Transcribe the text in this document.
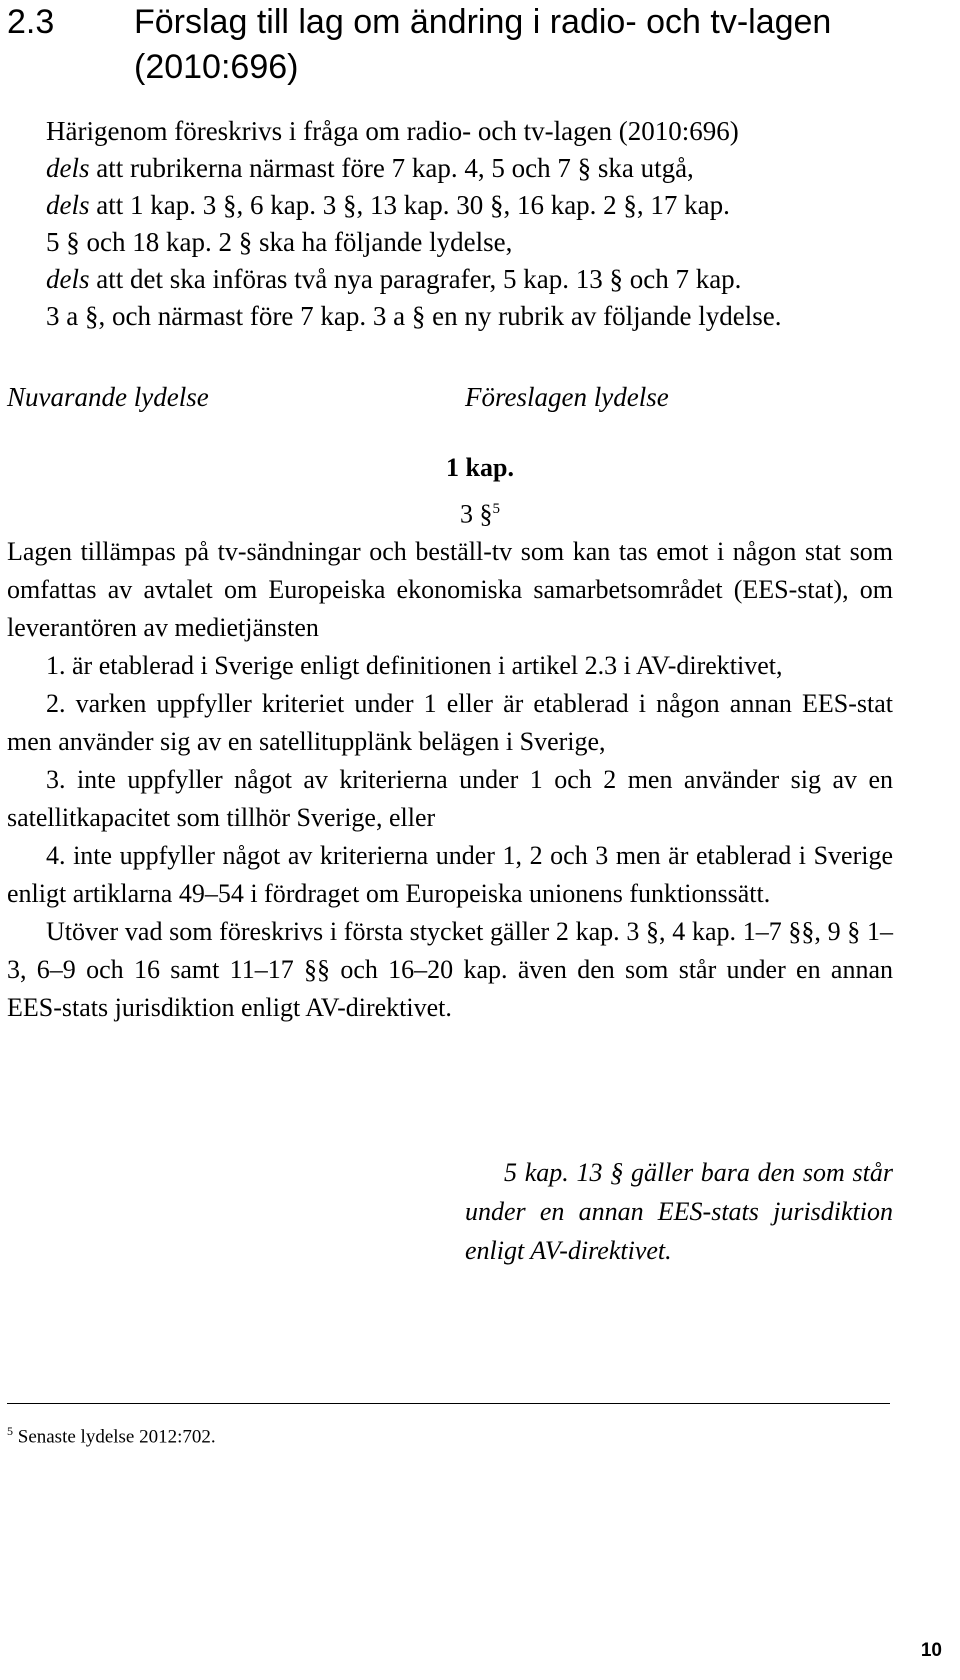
2.3 Förslag till lag om ändring i radio- och tv-lagen
(2010:696)

Härigenom föreskrivs i fråga om radio- och tv-lagen (2010:696)

dels att rubrikerna närmast före 7 kap. 4, 5 och 7 § ska utgå,

dels att 1 kap. 3 §, 6 kap. 3 §, 13 kap. 30 §, 16 kap. 2 §, 17 kap.

5 § och 18 kap. 2 § ska ha följande lydelse,

dels att det ska införas två nya paragrafer, 5 kap. 13 § och 7 kap.

3 a §, och närmast före 7 kap. 3 a § en ny rubrik av följande lydelse.

Nuvarande lydelse	Föreslagen lydelse
1 kap.
3 §$^5$

Lagen tillämpas på tv-sändningar och beställ-tv som kan tas emot i någon stat som omfattas av avtalet om Europeiska ekonomiska samarbetsområdet (EES-stat), om leverantören av medietjänsten

1. är etablerad i Sverige enligt definitionen i artikel 2.3 i AV-direktivet,

2. varken uppfyller kriteriet under 1 eller är etablerad i någon annan EES-stat men använder sig av en satellitupplänk belägen i Sverige,

3. inte uppfyller något av kriterierna under 1 och 2 men använder sig av en satellitkapacitet som tillhör Sverige, eller

4. inte uppfyller något av kriterierna under 1, 2 och 3 men är etablerad i Sverige enligt artiklarna 49–54 i fördraget om Europeiska unionens funktionssätt.

Utöver vad som föreskrivs i första stycket gäller 2 kap. 3 §, 4 kap. 1–7 §§, 9 § 1–3, 6–9 och 16 samt 11–17 §§ och 16–20 kap. även den som står under en annan EES-stats jurisdiktion enligt AV-direktivet.

5 kap. 13 § gäller bara den som står under en annan EES-stats jurisdiktion enligt AV-direktivet.

$^5$ Senaste lydelse 2012:702.
10
